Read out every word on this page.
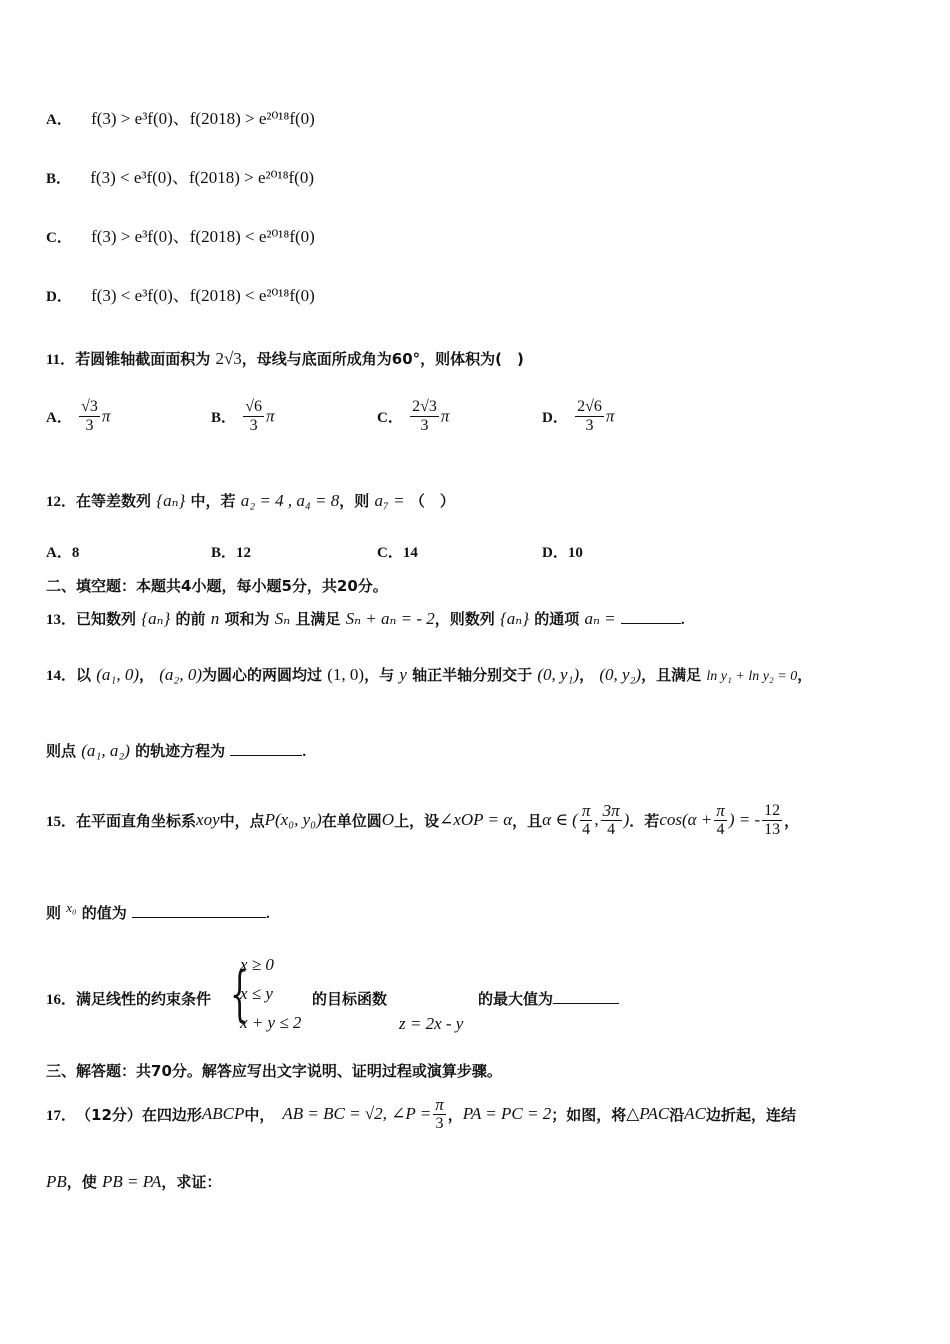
A． f(3) > e³f(0)、f(2018) > e²⁰¹⁸f(0)
B． f(3) < e³f(0)、f(2018) > e²⁰¹⁸f(0)
C． f(3) > e³f(0)、f(2018) < e²⁰¹⁸f(0)
D． f(3) < e³f(0)、f(2018) < e²⁰¹⁸f(0)
11．若圆锥轴截面面积为 2√3，母线与底面所成角为60°，则体积为(　)
A． $\frac{√3}{3}$ π	B． $\frac{√6}{3}$ π	C． $\frac{2√3}{3}$ π	D． $\frac{2√6}{3}$ π
12．在等差数列 {aₙ} 中，若 a₂ = 4 , a₄ = 8，则 a₇ = （　）
A．8	B．12	C．14	D．10
二、填空题：本题共4小题，每小题5分，共20分。
13．已知数列 {aₙ} 的前 n 项和为 Sₙ 且满足 Sₙ + aₙ = - 2，则数列 {aₙ} 的通项 aₙ =	.
14．以 (a₁, 0)， (a₂, 0)为圆心的两圆均过 (1, 0)，与 y 轴正半轴分别交于 (0, y₁)， (0, y₂)，且满足 ln y₁ + ln y₂ = 0，
则点 (a₁, a₂) 的轨迹方程为	.
15． 在平面直角坐标系 xoy 中，点 P(x₀, y₀) 在单位圆 O 上，设 ∠xOP = α ，且 α ∈ ( $\frac{\pi}{4}$ , $\frac{3\pi}{4}$ ) ．若 $\cos(\alpha + \frac{\pi}{4}$ ) = - $\frac{12}{13}$ ，
则 x₀ 的值为	.
16．满足线性的约束条件 {
x ≥ 0
x ≤ y
x + y ≤ 2
的目标函数
z = 2x - y
的最大值为
三、解答题：共70分。解答应写出文字说明、证明过程或演算步骤。
17． （12分）在四边形 ABCP 中， AB = BC = √2, ∠P = $\frac{\pi}{3}$ ， PA = PC = 2 ；如图，将 △PAC 沿 AC 边折起，连结
PB，使 PB = PA，求证：
